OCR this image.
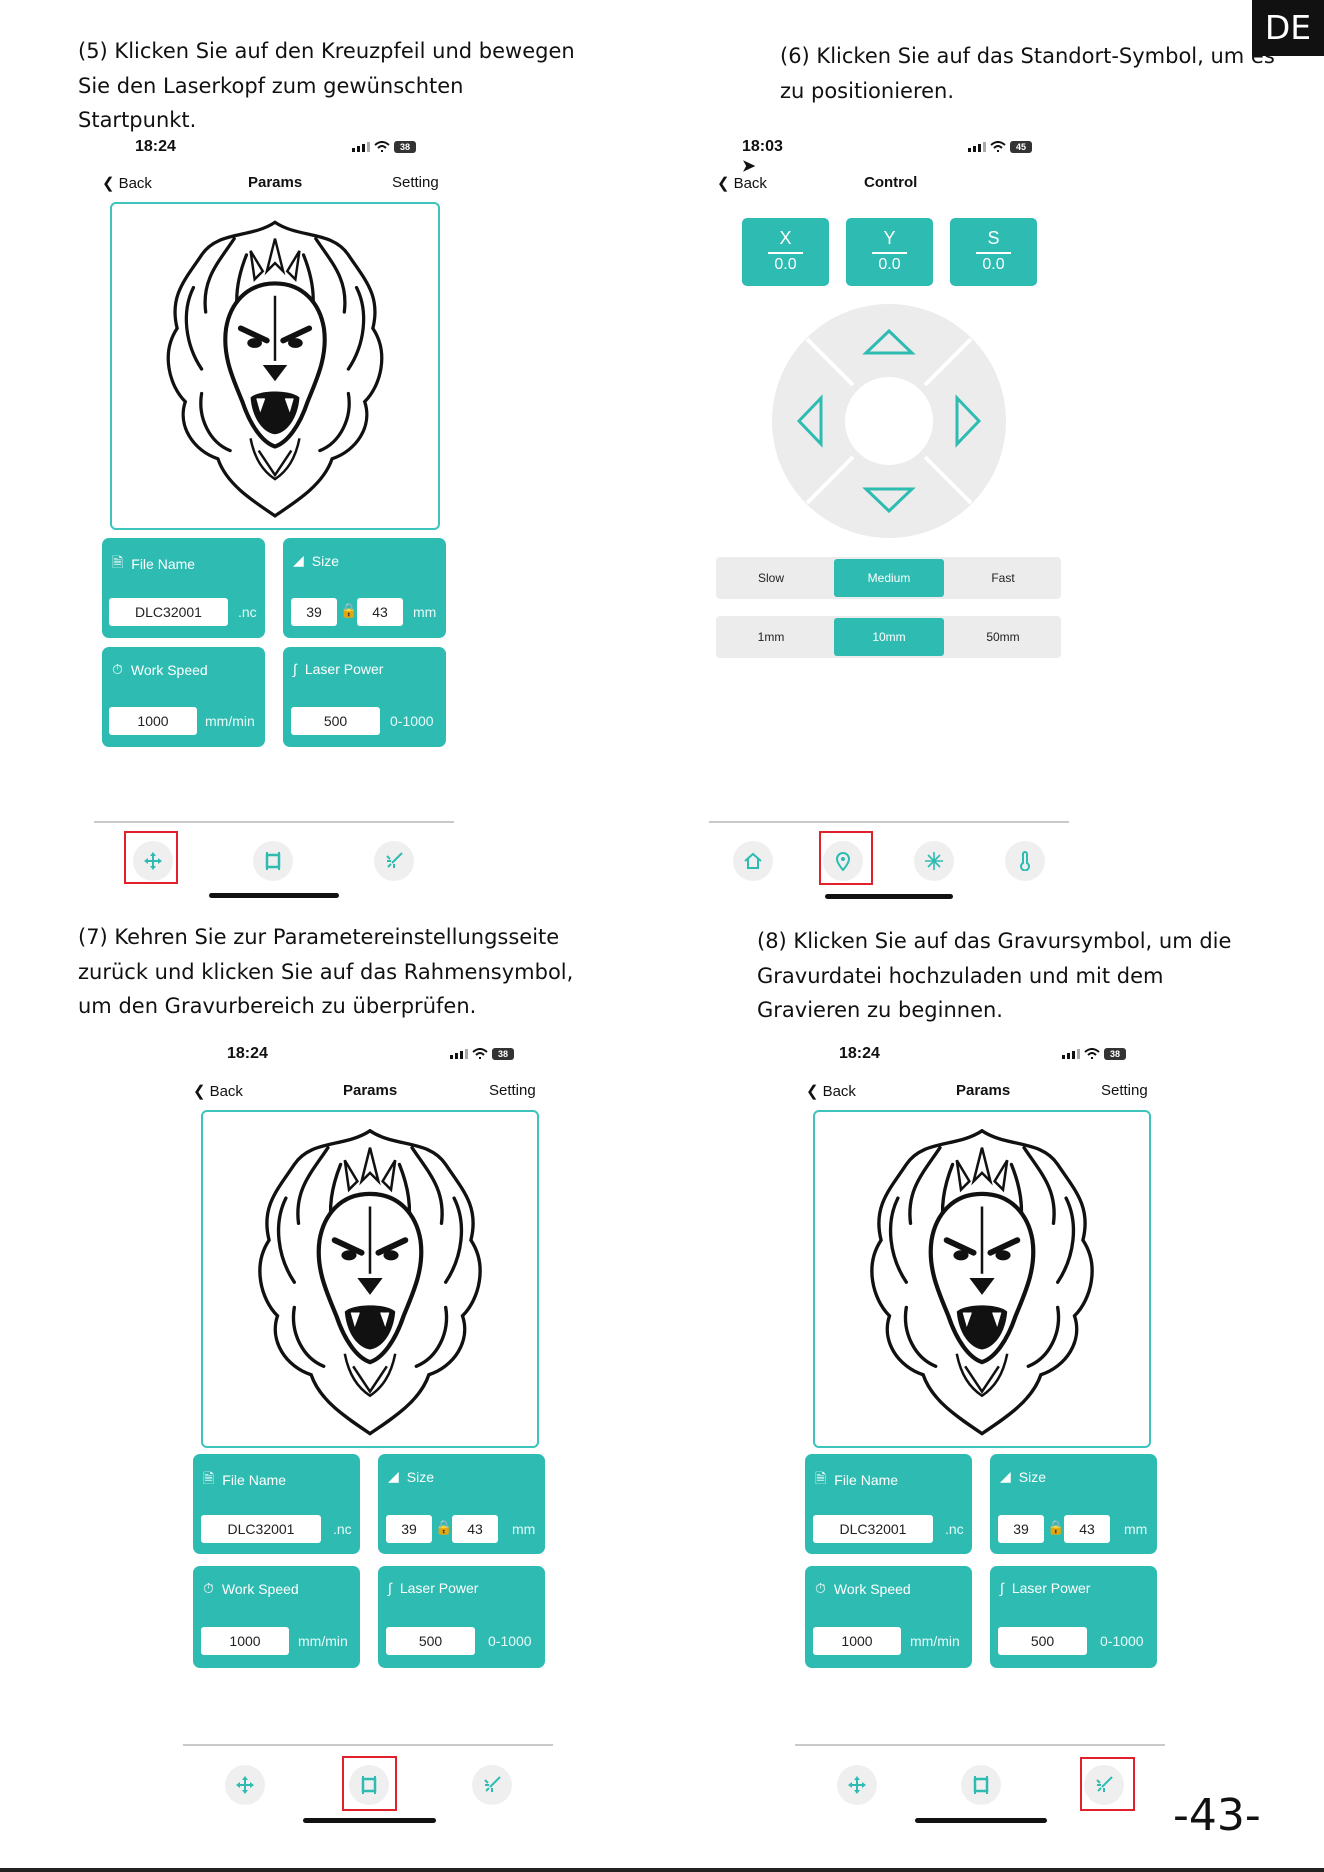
DE
-43-
(5) Klicken Sie auf den Kreuzpfeil und bewegen
Sie den Laserkopf zum gewünschten
Startpunkt.
(6) Klicken Sie auf das Standort-Symbol, um es
zu positionieren.
(7) Kehren Sie zur Parametereinstellungsseite
zurück und klicken Sie auf das Rahmensymbol,
um den Gravurbereich zu überprüfen.
(8) Klicken Sie auf das Gravursymbol, um die
Gravurdatei hochzuladen und mit dem
Gravieren zu beginnen.
18:24	38
❮ Back	Params	Setting
🗎 File Name
DLC32001	.nc
◢ Size
39	🔒	43	mm
⏱ Work Speed
1000	mm/min
∫ Laser Power
500	0-1000
18:03 ➤
45
❮ Back	Control
X
0.0
Y
0.0
S
0.0
Slow	Medium	Fast
1mm	10mm	50mm
18:24	38
❮ Back	Params	Setting
🗎 File Name
DLC32001	.nc
◢ Size
39	🔒	43	mm
⏱ Work Speed
1000	mm/min
∫ Laser Power
500	0-1000
18:24	38
❮ Back	Params	Setting
🗎 File Name
DLC32001	.nc
◢ Size
39	🔒	43	mm
⏱ Work Speed
1000	mm/min
∫ Laser Power
500	0-1000
